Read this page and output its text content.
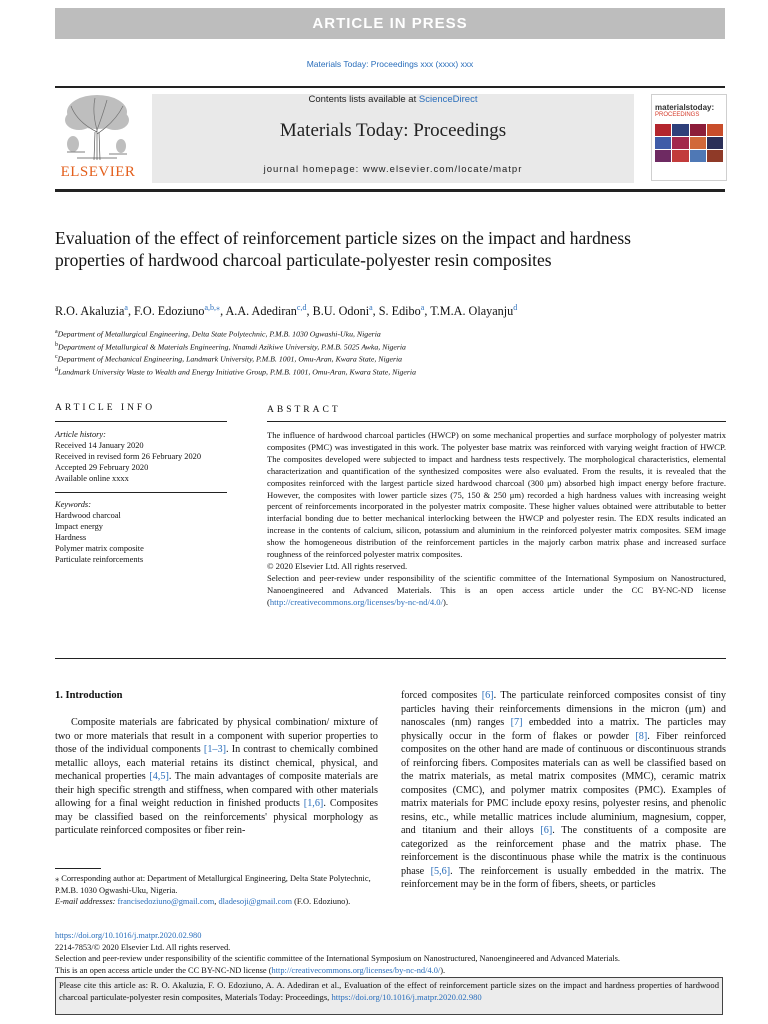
ARTICLE IN PRESS
Materials Today: Proceedings xxx (xxxx) xxx
ELSEVIER
Contents lists available at ScienceDirect
Materials Today: Proceedings
journal homepage: www.elsevier.com/locate/matpr
materialstoday:
PROCEEDINGS
Evaluation of the effect of reinforcement particle sizes on the impact and hardness properties of hardwood charcoal particulate-polyester resin composites
R.O. Akaluzia$^a$, F.O. Edoziuno$^{a,b,⁎}$, A.A. Adediran$^{c,d}$, B.U. Odoni$^a$, S. Edibo$^a$, T.M.A. Olayanju$^d$
$^a$Department of Metallurgical Engineering, Delta State Polytechnic, P.M.B. 1030 Ogwashi-Uku, Nigeria
$^b$Department of Metallurgical & Materials Engineering, Nnamdi Azikiwe University, P.M.B. 5025 Awka, Nigeria
$^c$Department of Mechanical Engineering, Landmark University, P.M.B. 1001, Omu-Aran, Kwara State, Nigeria
$^d$Landmark University Waste to Wealth and Energy Initiative Group, P.M.B. 1001, Omu-Aran, Kwara State, Nigeria
ARTICLE INFO
Article history:
Received 14 January 2020
Received in revised form 26 February 2020
Accepted 29 February 2020
Available online xxxx
Keywords:
Hardwood charcoal
Impact energy
Hardness
Polymer matrix composite
Particulate reinforcements
ABSTRACT
The influence of hardwood charcoal particles (HWCP) on some mechanical properties and surface morphology of polyester matrix composites (PMC) was investigated in this work. The polyester base matrix was reinforced with varying weight fraction of HWCP. The composites developed were subjected to impact and hardness tests respectively. The morphological characteristics, elemental characterization and quantification of the synthesized composites were also evaluated. From the results, it is revealed that the composites reinforced with the largest particle sized hardwood charcoal (300 μm) absorbed high impact energy before fracture. However, the composites with lower particle sizes (75, 150 & 250 μm) recorded a high hardness values with increasing weight percent of reinforcements incorporated in the polyester matrix composite. These higher values obtained were attributable to better interfacial bonding due to better mechanical interlocking between the HWCP and polyester resin. The EDX results indicated an increase in the contents of calcium, silicon, potassium and aluminium in the reinforced polyester matrix composites. SEM image show the homogeneous distribution of the reinforcement particles in the majorly carbon matrix phase and increased surface roughness of the reinforced polyester matrix composites.
© 2020 Elsevier Ltd. All rights reserved.
Selection and peer-review under responsibility of the scientific committee of the International Symposium on Nanostructured, Nanoengineered and Advanced Materials. This is an open access article under the CC BY-NC-ND license (http://creativecommons.org/licenses/by-nc-nd/4.0/).
1. Introduction
Composite materials are fabricated by physical combination/ mixture of two or more materials that result in a component with superior properties to those of the individual components [1–3]. In contrast to chemically combined metallic alloys, each material retains its distinct chemical, physical, and mechanical properties [4,5]. The main advantages of composite materials are their high specific strength and stiffness, when compared with other materials allowing for a final weight reduction in finished products [1,6]. Composites may be classified based on the reinforcements' physical morphology as particulate reinforced composites or fiber rein-
forced composites [6]. The particulate reinforced composites consist of tiny particles having their reinforcements dimensions in the micron (μm) and nanoscales (nm) ranges [7] embedded into a matrix. The particles may physically occur in the form of flakes or powder [8]. Fiber reinforced composites on the other hand are made of continuous or discontinuous strands of reinforcing fibers. Composites materials can as well be classified based on the matrix materials, as metal matrix composites (MMC), ceramic matrix composites (CMC), and polymer matrix composites (PMC). Examples of matrix materials for PMC include epoxy resins, polyester resins, and phenolic resins, etc., while metallic matrices include aluminium, magnesium, copper, and titanium and their alloys [6]. The constituents of a composite are categorized as the reinforcement phase and the matrix phase. The reinforcement is the discontinuous phase while the matrix is the continuous phase [5,6]. The reinforcement is usually embedded in the matrix. The reinforcement may be in the form of fibers, sheets, or particles
⁎ Corresponding author at: Department of Metallurgical Engineering, Delta State Polytechnic, P.M.B. 1030 Ogwashi-Uku, Nigeria.
E-mail addresses: francisedoziuno@gmail.com, dladesoji@gmail.com (F.O. Edoziuno).
https://doi.org/10.1016/j.matpr.2020.02.980
2214-7853/© 2020 Elsevier Ltd. All rights reserved.
Selection and peer-review under responsibility of the scientific committee of the International Symposium on Nanostructured, Nanoengineered and Advanced Materials.
This is an open access article under the CC BY-NC-ND license (http://creativecommons.org/licenses/by-nc-nd/4.0/).
Please cite this article as: R. O. Akaluzia, F. O. Edoziuno, A. A. Adediran et al., Evaluation of the effect of reinforcement particle sizes on the impact and hardness properties of hardwood charcoal particulate-polyester resin composites, Materials Today: Proceedings, https://doi.org/10.1016/j.matpr.2020.02.980
